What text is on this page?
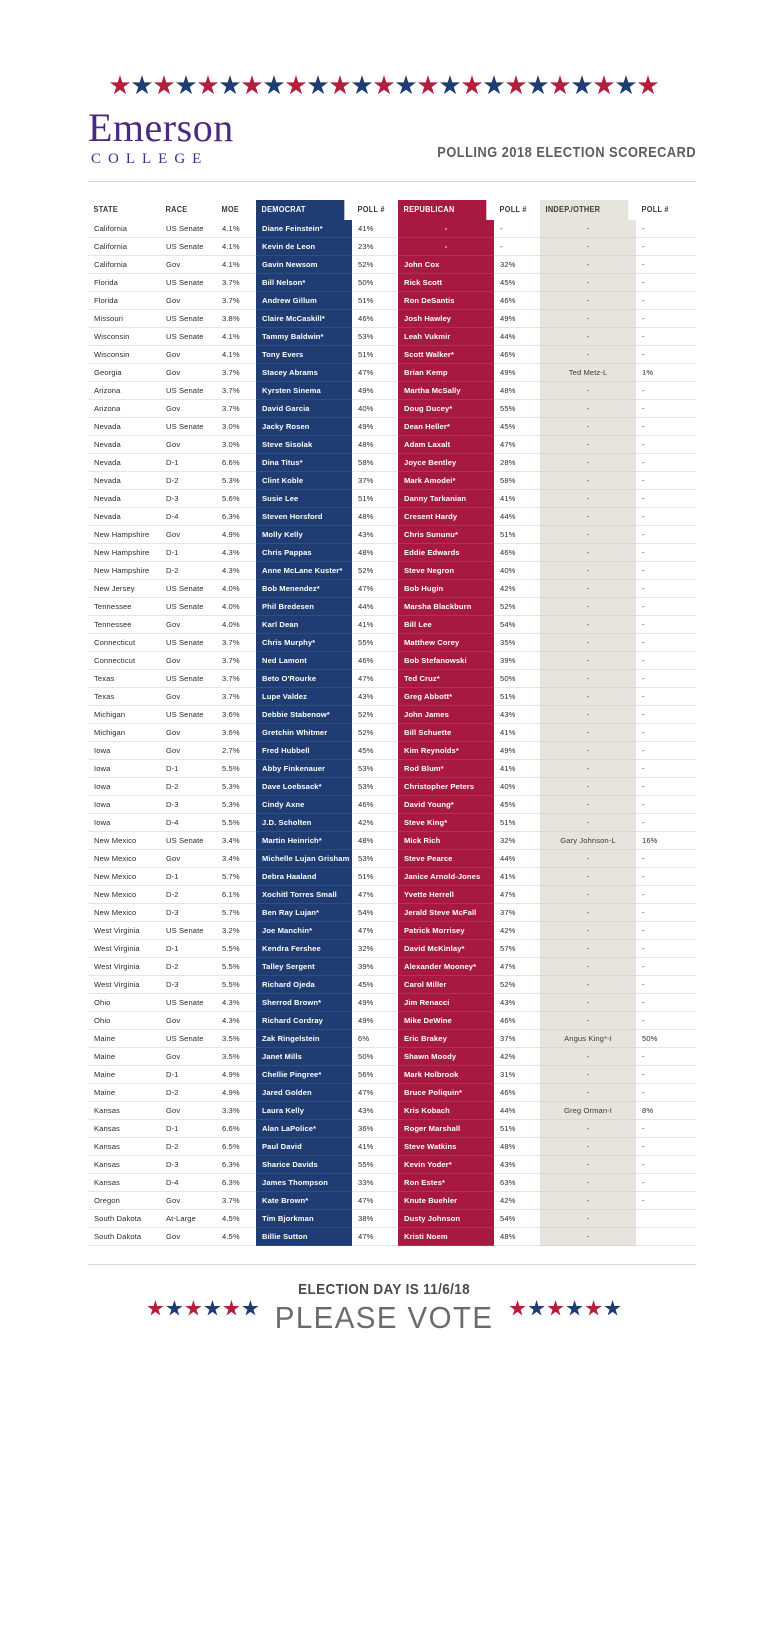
Emerson
COLLEGE	POLLING 2018 ELECTION SCORECARD
STATE	RACE	MOE	DEMOCRAT	POLL #	REPUBLICAN	POLL #	INDEP./OTHER	POLL #
California	US Senate	4.1%	Diane Feinstein*	41%	-	-	-	-
California	US Senate	4.1%	Kevin de Leon	23%	-	-	-	-
California	Gov	4.1%	Gavin Newsom	52%	John Cox	32%	-	-
Florida	US Senate	3.7%	Bill Nelson*	50%	Rick Scott	45%	-	-
Florida	Gov	3.7%	Andrew Gillum	51%	Ron DeSantis	46%	-	-
Missouri	US Senate	3.8%	Claire McCaskill*	46%	Josh Hawley	49%	-	-
Wisconsin	US Senate	4.1%	Tammy Baldwin*	53%	Leah Vukmir	44%	-	-
Wisconsin	Gov	4.1%	Tony Evers	51%	Scott Walker*	46%	-	-
Georgia	Gov	3.7%	Stacey Abrams	47%	Brian Kemp	49%	Ted Metz-L	1%
Arizona	US Senate	3.7%	Kyrsten Sinema	49%	Martha McSally	48%	-	-
Arizona	Gov	3.7%	David Garcia	40%	Doug Ducey*	55%	-	-
Nevada	US Senate	3.0%	Jacky Rosen	49%	Dean Heller*	45%	-	-
Nevada	Gov	3.0%	Steve Sisolak	48%	Adam Laxalt	47%	-	-
Nevada	D-1	6.6%	Dina Titus*	58%	Joyce Bentley	28%	-	-
Nevada	D-2	5.3%	Clint Koble	37%	Mark Amodei*	58%	-	-
Nevada	D-3	5.6%	Susie Lee	51%	Danny Tarkanian	41%	-	-
Nevada	D-4	6.3%	Steven Horsford	48%	Cresent Hardy	44%	-	-
New Hampshire	Gov	4.9%	Molly Kelly	43%	Chris Sununu*	51%	-	-
New Hampshire	D-1	4.3%	Chris Pappas	48%	Eddie Edwards	46%	-	-
New Hampshire	D-2	4.3%	Anne McLane Kuster*	52%	Steve Negron	40%	-	-
New Jersey	US Senate	4.0%	Bob Menendez*	47%	Bob Hugin	42%	-	-
Tennessee	US Senate	4.0%	Phil Bredesen	44%	Marsha Blackburn	52%	-	-
Tennessee	Gov	4.0%	Karl Dean	41%	Bill Lee	54%	-	-
Connecticut	US Senate	3.7%	Chris Murphy*	55%	Matthew Corey	35%	-	-
Connecticut	Gov	3.7%	Ned Lamont	46%	Bob Stefanowski	39%	-	-
Texas	US Senate	3.7%	Beto O'Rourke	47%	Ted Cruz*	50%	-	-
Texas	Gov	3.7%	Lupe Valdez	43%	Greg Abbott*	51%	-	-
Michigan	US Senate	3.6%	Debbie Stabenow*	52%	John James	43%	-	-
Michigan	Gov	3.6%	Gretchin Whitmer	52%	Bill Schuette	41%	-	-
Iowa	Gov	2.7%	Fred Hubbell	45%	Kim Reynolds*	49%	-	-
Iowa	D-1	5.5%	Abby Finkenauer	53%	Rod Blum*	41%	-	-
Iowa	D-2	5.3%	Dave Loebsack*	53%	Christopher Peters	40%	-	-
Iowa	D-3	5.3%	Cindy Axne	46%	David Young*	45%	-	-
Iowa	D-4	5.5%	J.D. Scholten	42%	Steve King*	51%	-	-
New Mexico	US Senate	3.4%	Martin Heinrich*	48%	Mick Rich	32%	Gary Johnson-L	16%
New Mexico	Gov	3.4%	Michelle Lujan Grisham	53%	Steve Pearce	44%	-	-
New Mexico	D-1	5.7%	Debra Haaland	51%	Janice Arnold-Jones	41%	-	-
New Mexico	D-2	6.1%	Xochitl Torres Small	47%	Yvette Herrell	47%	-	-
New Mexico	D-3	5.7%	Ben Ray Lujan*	54%	Jerald Steve McFall	37%	-	-
West Virginia	US Senate	3.2%	Joe Manchin*	47%	Patrick Morrisey	42%	-	-
West Virginia	D-1	5.5%	Kendra Fershee	32%	David McKinlay*	57%	-	-
West Virginia	D-2	5.5%	Talley Sergent	39%	Alexander Mooney*	47%	-	-
West Virginia	D-3	5.5%	Richard Ojeda	45%	Carol Miller	52%	-	-
Ohio	US Senate	4.3%	Sherrod Brown*	49%	Jim Renacci	43%	-	-
Ohio	Gov	4.3%	Richard Cordray	49%	Mike DeWine	46%	-	-
Maine	US Senate	3.5%	Zak Ringelstein	6%	Eric Brakey	37%	Angus King*-I	50%
Maine	Gov	3.5%	Janet Mills	50%	Shawn Moody	42%	-	-
Maine	D-1	4.9%	Chellie Pingree*	56%	Mark Holbrook	31%	-	-
Maine	D-2	4.9%	Jared Golden	47%	Bruce Poliquin*	46%	-	-
Kansas	Gov	3.3%	Laura Kelly	43%	Kris Kobach	44%	Greg Orman-I	8%
Kansas	D-1	6.6%	Alan LaPolice*	36%	Roger Marshall	51%	-	-
Kansas	D-2	6.5%	Paul David	41%	Steve Watkins	48%	-	-
Kansas	D-3	6.3%	Sharice Davids	55%	Kevin Yoder*	43%	-	-
Kansas	D-4	6.3%	James Thompson	33%	Ron Estes*	63%	-	-
Oregon	Gov	3.7%	Kate Brown*	47%	Knute Buehler	42%	-	-
South Dakota	At-Large	4.5%	Tim Bjorkman	38%	Dusty Johnson	54%	-	
South Dakota	Gov	4.5%	Billie Sutton	47%	Kristi Noem	48%	-	
ELECTION DAY IS 11/6/18
PLEASE VOTE
